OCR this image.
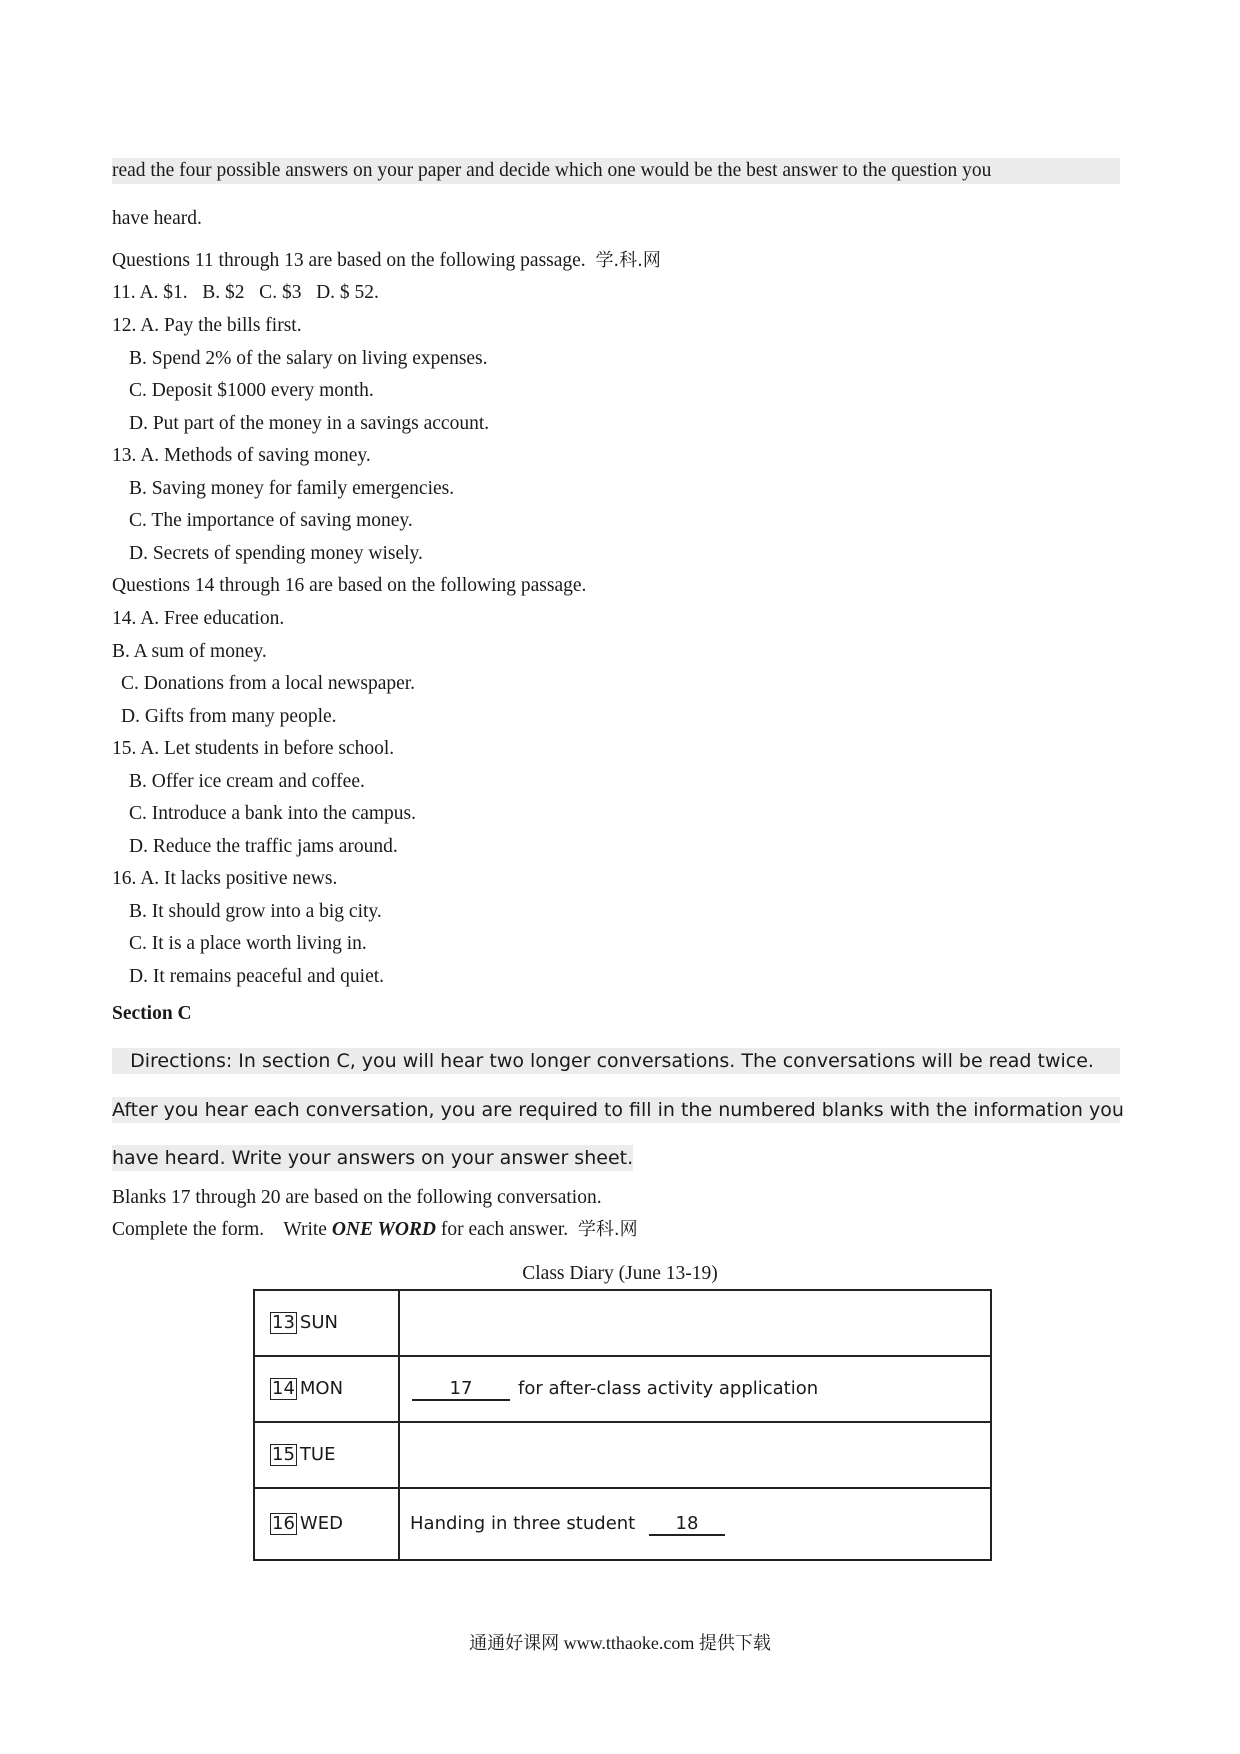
read the four possible answers on your paper and decide which one would be the best answer to the question you
have heard.
Questions 11 through 13 are based on the following passage. 学.科.网
11. A. $1.   B. $2   C. $3   D. $ 52.
12. A. Pay the bills first.
B. Spend 2% of the salary on living expenses.
C. Deposit $1000 every month.
D. Put part of the money in a savings account.
13. A. Methods of saving money.
B. Saving money for family emergencies.
C. The importance of saving money.
D. Secrets of spending money wisely.
Questions 14 through 16 are based on the following passage.
14. A. Free education.
B. A sum of money.
C. Donations from a local newspaper.
D. Gifts from many people.
15. A. Let students in before school.
B. Offer ice cream and coffee.
C. Introduce a bank into the campus.
D. Reduce the traffic jams around.
16. A. It lacks positive news.
B. It should grow into a big city.
C. It is a place worth living in.
D. It remains peaceful and quiet.
Section C
Directions: In section C, you will hear two longer conversations. The conversations will be read twice.
After you hear each conversation, you are required to fill in the numbered blanks with the information you
have heard. Write your answers on your answer sheet.
Blanks 17 through 20 are based on the following conversation.
Complete the form.    Write ONE WORD for each answer. 学科.网
Class Diary (June 13-19)
13 SUN	
14 MON	17 for after-class activity application
15 TUE	
16 WED	Handing in three student 18
通通好课网 www.tthaoke.com 提供下载
